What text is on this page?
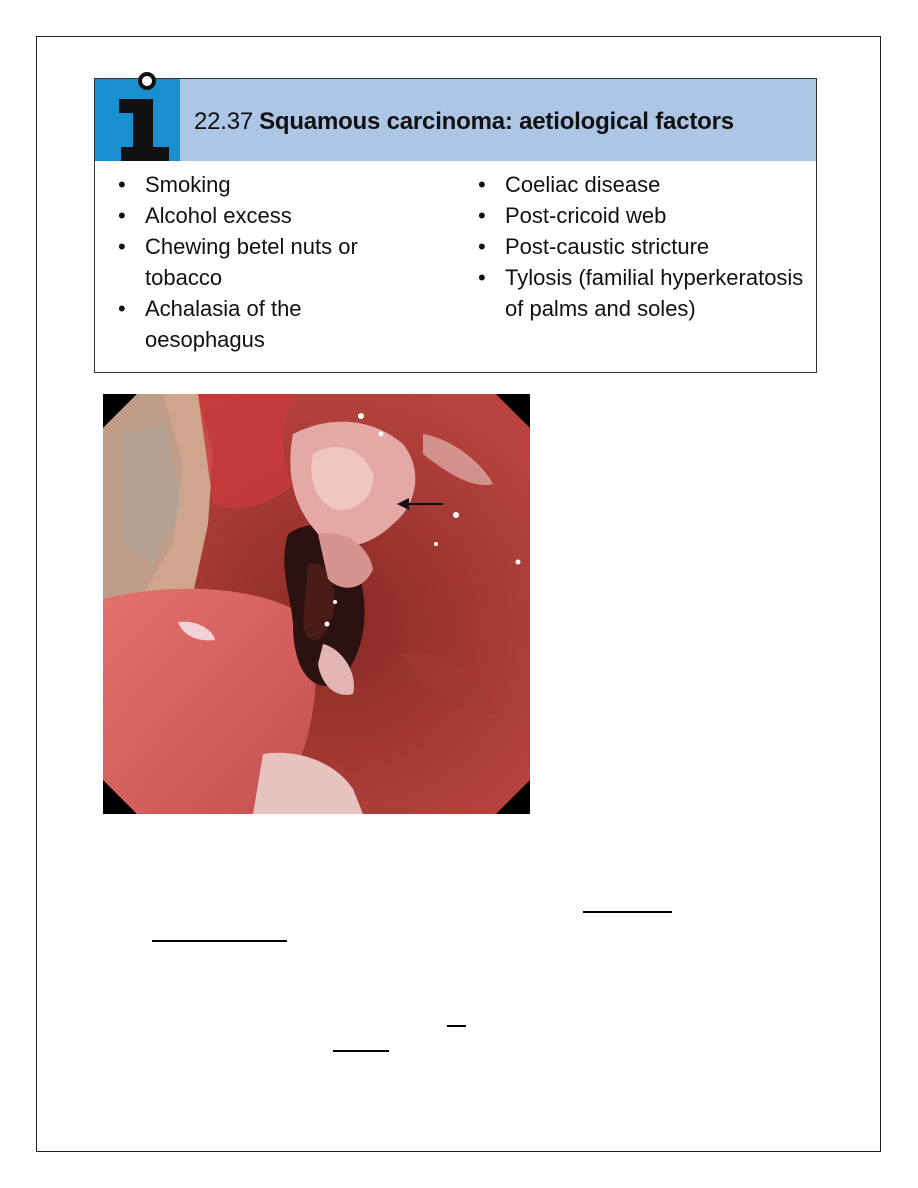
22.37 Squamous carcinoma: aetiological factors
• Smoking
• Alcohol excess
• Chewing betel nuts or tobacco
• Achalasia of the oesophagus
• Coeliac disease
• Post-cricoid web
• Post-caustic stricture
• Tylosis (familial hyperkeratosis of palms and soles)
